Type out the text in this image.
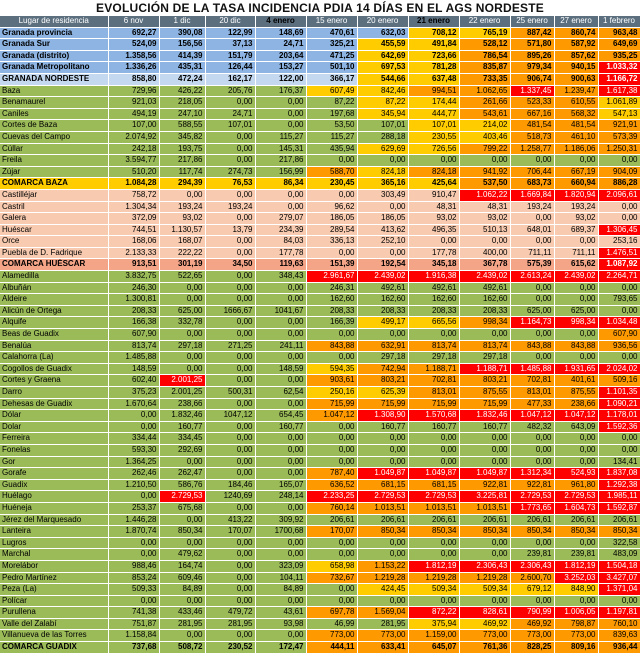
EVOLUCIÓN DE LA TASA INCIDENCIA PDIA 14 DÍAS EN EL AGS NORDESTE
Lugar de residencia	6 nov	1 dic	20 dic	4 enero	15 enero	20 enero	21 enero	22 enero	25 enero	27 enero	1 febrero
Granada provincia	692,27	390,08	122,99	148,69	470,61	632,03	708,12	765,19	887,42	860,74	963,48
Granada Sur	524,09	156,56	37,13	24,71	325,21	455,59	491,84	528,12	571,80	587,92	649,69
Granada (distrito)	1.358,56	414,39	151,79	203,64	471,25	642,69	723,66	786,54	895,26	857,62	935,25
Granada Metropolitano	1.336,26	435,31	126,44	153,27	501,10	697,53	781,28	835,87	979,34	940,15	1.033,32
GRANADA NORDESTE	858,80	472,24	162,17	122,00	366,17	544,66	637,48	733,35	906,74	900,63	1.166,72
Baza	729,96	426,22	205,76	176,37	607,49	842,46	994,51	1.062,65	1.337,45	1.239,47	1.617,38
Benamaurel	921,03	218,05	0,00	0,00	87,22	87,22	174,44	261,66	523,33	610,55	1.061,89
Caniles	494,19	247,10	24,71	0,00	197,68	345,94	444,77	543,61	667,16	568,32	547,13
Cortes de Baza	107,00	588,55	107,01	0,00	53,50	107,01	107,01	214,02	481,54	481,54	921,91
Cuevas del Campo	2.074,92	345,82	0,00	115,27	115,27	288,18	230,55	403,46	518,73	461,10	573,39
Cúllar	242,18	193,75	0,00	145,31	435,94	629,69	726,56	799,22	1.258,77	1.186,06	1.250,31
Freila	3.594,77	217,86	0,00	217,86	0,00	0,00	0,00	0,00	0,00	0,00	0,00
Zújar	510,20	117,74	274,73	156,99	588,70	824,18	824,18	941,92	706,44	667,19	904,09
COMARCA BAZA	1.084,28	294,39	76,53	86,34	230,45	365,16	425,64	537,50	683,73	660,94	886,28
Castilléjar	758,72	0,00	0,00	0,00	0,00	303,49	910,47	1.062,22	1.669,84	1.820,94	2.096,61
Castril	1.304,34	193,24	193,24	0,00	96,62	0,00	48,31	48,31	193,24	193,24	0,00
Galera	372,09	93,02	0,00	279,07	186,05	186,05	93,02	93,02	0,00	93,02	0,00
Huéscar	744,51	1.130,57	13,79	234,39	289,54	413,62	496,35	510,13	648,01	689,37	1.306,45
Orce	168,06	168,07	0,00	84,03	336,13	252,10	0,00	0,00	0,00	0,00	253,16
Puebla de D. Fadrique	2.133,33	222,22	0,00	177,78	0,00	0,00	177,78	400,00	711,11	711,11	1.476,51
COMARCA HUÉSCAR	913,51	301,19	34,50	119,63	151,39	192,54	345,18	367,78	575,39	615,62	1.087,92
Alamedilla	3.832,75	522,65	0,00	348,43	2.961,67	2.439,02	1.916,38	2.439,02	2.613,24	2.439,02	2.264,71
Albuñán	246,30	0,00	0,00	0,00	246,31	492,61	492,61	492,61	0,00	0,00	0,00
Aldeire	1.300,81	0,00	0,00	0,00	162,60	162,60	162,60	162,60	0,00	0,00	793,65
Alicún de Ortega	208,33	625,00	1666,67	1041,67	208,33	208,33	208,33	208,33	625,00	625,00	0,00
Alquife	166,38	332,78	0,00	0,00	166,39	499,17	665,56	998,34	1.164,73	998,34	1.034,48
Beas de Guadix	607,90	0,00	0,00	0,00	0,00	0,00	0,00	0,00	0,00	0,00	607,90
Benalúa	813,74	297,18	271,25	241,11	843,88	632,91	813,74	813,74	843,88	843,88	936,56
Calahorra (La)	1.485,88	0,00	0,00	0,00	0,00	297,18	297,18	297,18	0,00	0,00	0,00
Cogollos de Guadix	148,59	0,00	0,00	148,59	594,35	742,94	1.188,71	1.188,71	1.485,88	1.931,65	2.024,02
Cortes y Graena	602,40	2.001,25	0,00	0,00	903,61	803,21	702,81	803,21	702,81	401,61	509,16
Darro	375,23	2.001,25	500,31	62,54	250,16	625,39	813,01	875,55	813,01	875,55	1.101,35
Dehesas de Guadix	1.670,64	238,66	0,00	0,00	715,99	715,99	715,99	715,99	477,33	238,66	1.090,21
Dólar	0,00	1.832,46	1047,12	654,45	1.047,12	1.308,90	1.570,68	1.832,46	1.047,12	1.047,12	1.178,01
Dolar	0,00	160,77	0,00	160,77	0,00	160,77	160,77	160,77	482,32	643,09	1.592,36
Ferreira	334,44	334,45	0,00	0,00	0,00	0,00	0,00	0,00	0,00	0,00	0,00
Fonelas	593,30	292,69	0,00	0,00	0,00	0,00	0,00	0,00	0,00	0,00	0,00
Gor	1.364,25	0,00	0,00	0,00	0,00	0,00	0,00	0,00	0,00	0,00	134,41
Gorafe	262,46	262,47	0,00	0,00	787,40	1.049,87	1.049,87	1.049,87	1.312,34	524,93	1.837,08
Guadix	1.210,50	586,76	184,46	165,07	636,52	681,15	681,15	922,81	922,81	961,80	1.292,38
Huélago	0,00	2.729,53	1240,69	248,14	2.233,25	2.729,53	2.729,53	3.225,81	2.729,53	2.729,53	1.985,11
Huéneja	253,37	675,68	0,00	0,00	760,14	1.013,51	1.013,51	1.013,51	1.773,65	1.604,73	1.592,87
Jérez del Marquesado	1.446,28	0,00	413,22	309,92	206,61	206,61	206,61	206,61	206,61	206,61	206,61
Lanteira	1.870,74	850,34	170,07	1700,68	170,07	850,34	850,34	850,34	850,34	850,34	850,34
Lugros	0,00	0,00	0,00	0,00	0,00	0,00	0,00	0,00	0,00	0,00	322,58
Marchal	0,00	479,62	0,00	0,00	0,00	0,00	0,00	0,00	239,81	239,81	483,09
Morelábor	988,46	164,74	0,00	323,09	658,98	1.153,22	1.812,19	2.306,43	2.306,43	1.812,19	1.504,18
Pedro Martínez	853,24	609,46	0,00	104,11	732,67	1.219,28	1.219,28	1.219,28	2.600,70	3.252,03	3.427,07
Peza (La)	509,33	84,89	0,00	84,89	0,00	424,45	509,34	509,34	679,12	848,90	1.371,04
Polícar	0,00	0,00	0,00	0,00	0,00	0,00	0,00	0,00	0,00	0,00	0,00
Purullena	741,38	433,46	479,72	43,61	697,78	1.569,04	872,22	828,61	790,99	1.006,05	1.197,81
Valle del Zalabí	751,87	281,95	281,95	93,98	46,99	281,95	375,94	469,92	469,92	798,87	760,10
Villanueva de las Torres	1.158,84	0,00	0,00	0,00	773,00	773,00	1.159,00	773,00	773,00	773,00	839,63
COMARCA GUADIX	737,68	508,72	230,52	172,47	444,11	633,41	645,07	761,36	828,25	809,16	936,44
